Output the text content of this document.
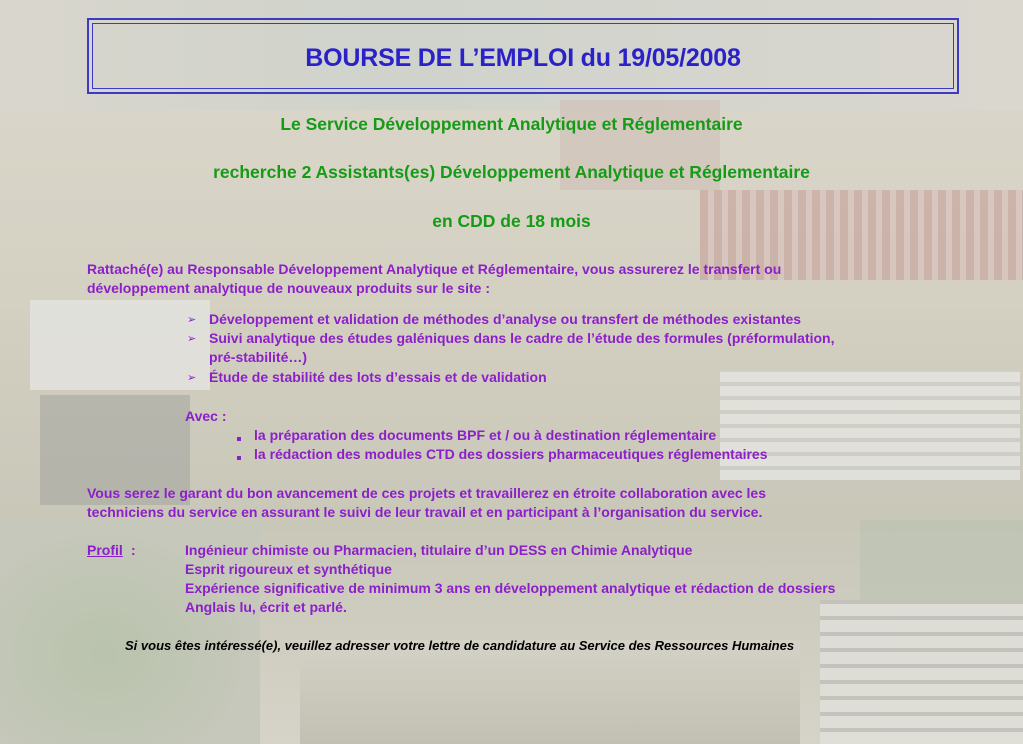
BOURSE DE L’EMPLOI du 19/05/2008
Le Service Développement Analytique et Réglementaire
recherche 2 Assistants(es) Développement Analytique et Réglementaire
en CDD de 18 mois
Rattaché(e) au Responsable Développement Analytique et Réglementaire, vous assurerez le transfert ou
développement analytique de nouveaux produits sur le site :
➢ Développement et validation de méthodes d’analyse ou transfert de méthodes existantes
➢ Suivi analytique des études galéniques dans le cadre de l’étude des formules (préformulation,
pré-stabilité…)
➢ Étude de stabilité des lots d’essais et de validation
Avec :
la préparation des documents BPF et / ou à destination réglementaire
la rédaction des modules CTD des dossiers pharmaceutiques réglementaires
Vous serez le garant du bon avancement de ces projets et travaillerez en étroite collaboration avec les
techniciens du service en assurant le suivi de leur travail et en participant à l’organisation du service.
Profil :	Ingénieur chimiste ou Pharmacien, titulaire d’un DESS en Chimie Analytique
Esprit rigoureux et synthétique
Expérience significative de minimum 3 ans en développement analytique et rédaction de dossiers
Anglais lu, écrit et parlé.
Si vous êtes intéressé(e), veuillez adresser votre lettre de candidature au Service des Ressources Humaines
